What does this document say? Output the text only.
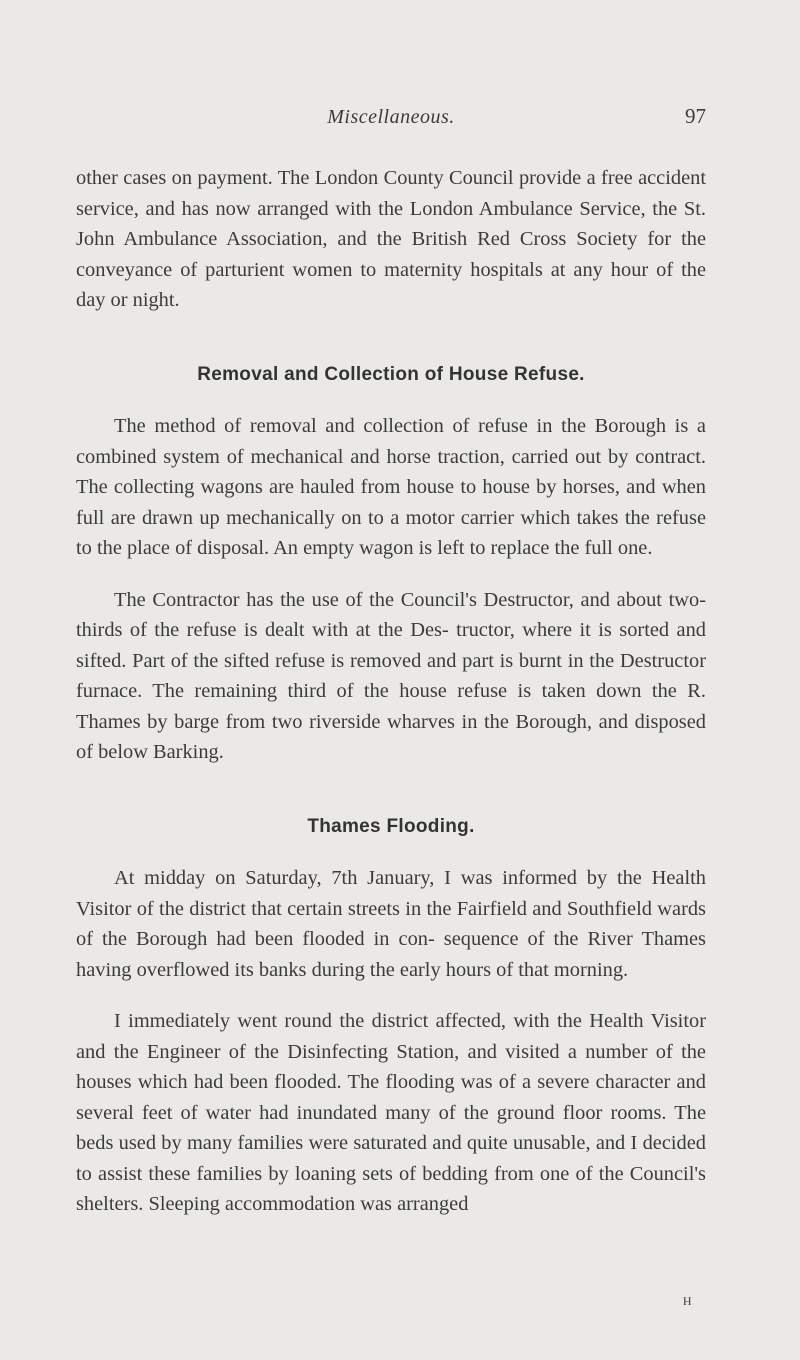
Miscellaneous.	97

other cases on payment. The London County Council provide a free accident service, and has now arranged with the London Ambulance Service, the St. John Ambulance Association, and the British Red Cross Society for the conveyance of parturient women to maternity hospitals at any hour of the day or night.

Removal and Collection of House Refuse.

The method of removal and collection of refuse in the Borough is a combined system of mechanical and horse traction, carried out by contract. The collecting wagons are hauled from house to house by horses, and when full are drawn up mechanically on to a motor carrier which takes the refuse to the place of disposal. An empty wagon is left to replace the full one.

The Contractor has the use of the Council's Destructor, and about two-thirds of the refuse is dealt with at the Des- tructor, where it is sorted and sifted. Part of the sifted refuse is removed and part is burnt in the Destructor furnace. The remaining third of the house refuse is taken down the R. Thames by barge from two riverside wharves in the Borough, and disposed of below Barking.

Thames Flooding.

At midday on Saturday, 7th January, I was informed by the Health Visitor of the district that certain streets in the Fairfield and Southfield wards of the Borough had been flooded in con- sequence of the River Thames having overflowed its banks during the early hours of that morning.

I immediately went round the district affected, with the Health Visitor and the Engineer of the Disinfecting Station, and visited a number of the houses which had been flooded. The flooding was of a severe character and several feet of water had inundated many of the ground floor rooms. The beds used by many families were saturated and quite unusable, and I decided to assist these families by loaning sets of bedding from one of the Council's shelters. Sleeping accommodation was arranged

H
